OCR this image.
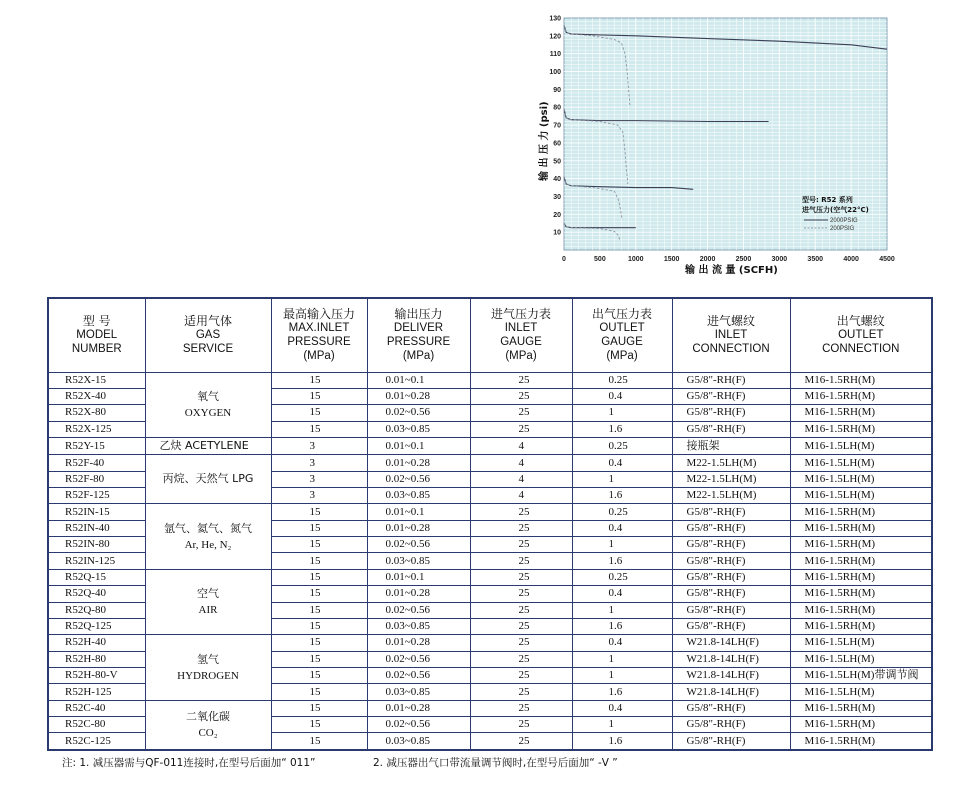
10
20
30
40
50
60
70
80
90
100
110
120
130
0	500	1000	1500	2000	2500	3000	3500	4000	4500
输 出 压 力 (psi)
输 出 流 量 (SCFH)
型号: R52 系列
进气压力(空气22°C)
2000PSIG
200PSIG
型 号
MODEL
NUMBER	适用气体
GAS
SERVICE	最高输入压力
MAX.INLET
PRESSURE
(MPa)	输出压力
DELIVER
PRESSURE
(MPa)	进气压力表
INLET
GAUGE
(MPa)	出气压力表
OUTLET
GAUGE
(MPa)	进气螺纹
INLET
CONNECTION	出气螺纹
OUTLET
CONNECTION

R52X-15	氧气
OXYGEN	15	0.01~0.1	25	0.25	G5/8"-RH(F)	M16-1.5RH(M)
R52X-40		15	0.01~0.28	25	0.4	G5/8"-RH(F)	M16-1.5RH(M)
R52X-80		15	0.02~0.56	25	1	G5/8"-RH(F)	M16-1.5RH(M)
R52X-125		15	0.03~0.85	25	1.6	G5/8"-RH(F)	M16-1.5RH(M)
R52Y-15	乙炔 ACETYLENE	3	0.01~0.1	4	0.25	接瓶架	M16-1.5LH(M)
R52F-40	丙烷、天然气 LPG	3	0.01~0.28	4	0.4	M22-1.5LH(M)	M16-1.5LH(M)
R52F-80		3	0.02~0.56	4	1	M22-1.5LH(M)	M16-1.5LH(M)
R52F-125		3	0.03~0.85	4	1.6	M22-1.5LH(M)	M16-1.5LH(M)
R52IN-15	氩气、氦气、氮气
Ar, He, N₂	15	0.01~0.1	25	0.25	G5/8"-RH(F)	M16-1.5RH(M)
R52IN-40		15	0.01~0.28	25	0.4	G5/8"-RH(F)	M16-1.5RH(M)
R52IN-80		15	0.02~0.56	25	1	G5/8"-RH(F)	M16-1.5RH(M)
R52IN-125		15	0.03~0.85	25	1.6	G5/8"-RH(F)	M16-1.5RH(M)
R52Q-15	空气
AIR	15	0.01~0.1	25	0.25	G5/8"-RH(F)	M16-1.5RH(M)
R52Q-40		15	0.01~0.28	25	0.4	G5/8"-RH(F)	M16-1.5RH(M)
R52Q-80		15	0.02~0.56	25	1	G5/8"-RH(F)	M16-1.5RH(M)
R52Q-125		15	0.03~0.85	25	1.6	G5/8"-RH(F)	M16-1.5RH(M)
R52H-40	氢气
HYDROGEN	15	0.01~0.28	25	0.4	W21.8-14LH(F)	M16-1.5LH(M)
R52H-80		15	0.02~0.56	25	1	W21.8-14LH(F)	M16-1.5LH(M)
R52H-80-V		15	0.02~0.56	25	1	W21.8-14LH(F)	M16-1.5LH(M)带调节阀
R52H-125		15	0.03~0.85	25	1.6	W21.8-14LH(F)	M16-1.5LH(M)
R52C-40	二氧化碳
CO₂	15	0.01~0.28	25	0.4	G5/8"-RH(F)	M16-1.5RH(M)
R52C-80		15	0.02~0.56	25	1	G5/8"-RH(F)	M16-1.5RH(M)
R52C-125		15	0.03~0.85	25	1.6	G5/8"-RH(F)	M16-1.5RH(M)
注: 1. 减压器需与QF-011连接时,在型号后面加“ 011”	2. 减压器出气口带流量调节阀时,在型号后面加“ -V ”
